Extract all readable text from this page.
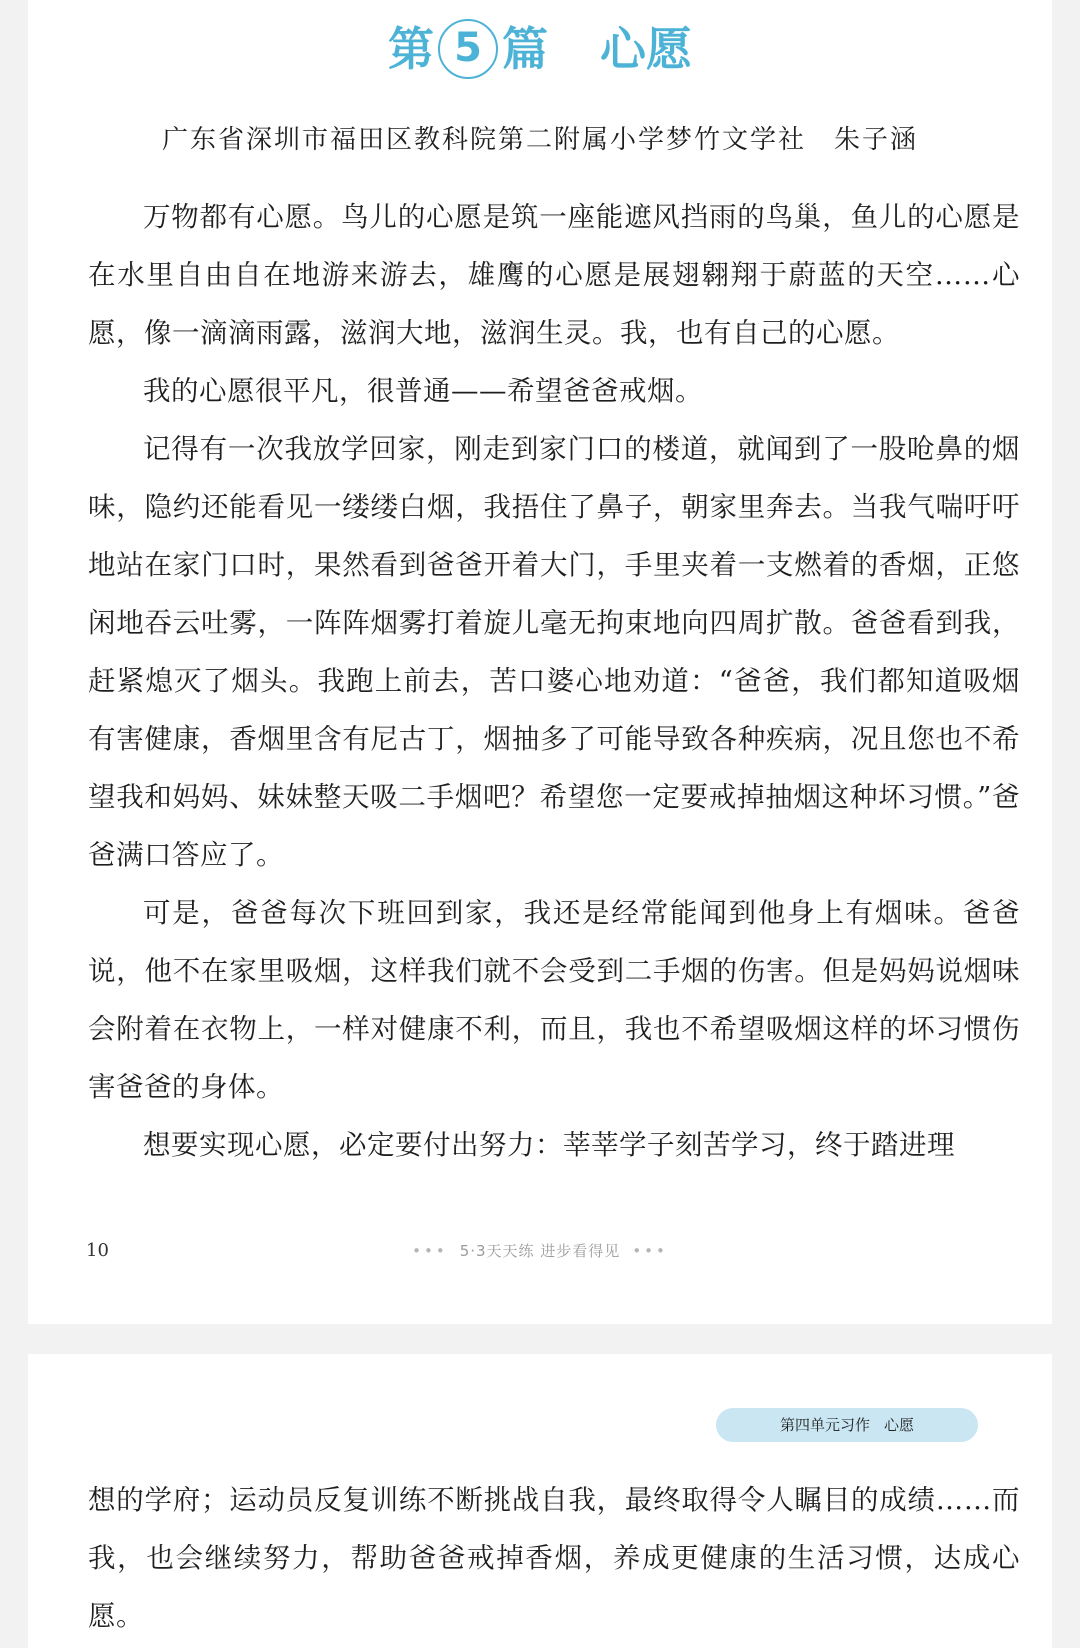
第 5 篇 心愿
广东省深圳市福田区教科院第二附属小学梦竹文学社 朱子涵

万物都有心愿。鸟儿的心愿是筑一座能遮风挡雨的鸟巢，鱼儿的心愿是在水里自由自在地游来游去，雄鹰的心愿是展翅翱翔于蔚蓝的天空……心愿，像一滴滴雨露，滋润大地，滋润生灵。我，也有自己的心愿。

我的心愿很平凡，很普通——希望爸爸戒烟。

记得有一次我放学回家，刚走到家门口的楼道，就闻到了一股呛鼻的烟味，隐约还能看见一缕缕白烟，我捂住了鼻子，朝家里奔去。当我气喘吁吁地站在家门口时，果然看到爸爸开着大门，手里夹着一支燃着的香烟，正悠闲地吞云吐雾，一阵阵烟雾打着旋儿毫无拘束地向四周扩散。爸爸看到我，赶紧熄灭了烟头。我跑上前去，苦口婆心地劝道：“爸爸，我们都知道吸烟有害健康，香烟里含有尼古丁，烟抽多了可能导致各种疾病，况且您也不希望我和妈妈、妹妹整天吸二手烟吧？希望您一定要戒掉抽烟这种坏习惯。”爸爸满口答应了。

可是，爸爸每次下班回到家，我还是经常能闻到他身上有烟味。爸爸说，他不在家里吸烟，这样我们就不会受到二手烟的伤害。但是妈妈说烟味会附着在衣物上，一样对健康不利，而且，我也不希望吸烟这样的坏习惯伤害爸爸的身体。

想要实现心愿，必定要付出努力：莘莘学子刻苦学习，终于踏进理

10	••• 5·3天天练 进步看得见 •••
第四单元习作 心愿

想的学府；运动员反复训练不断挑战自我，最终取得令人瞩目的成绩……而我，也会继续努力，帮助爸爸戒掉香烟，养成更健康的生活习惯，达成心愿。
